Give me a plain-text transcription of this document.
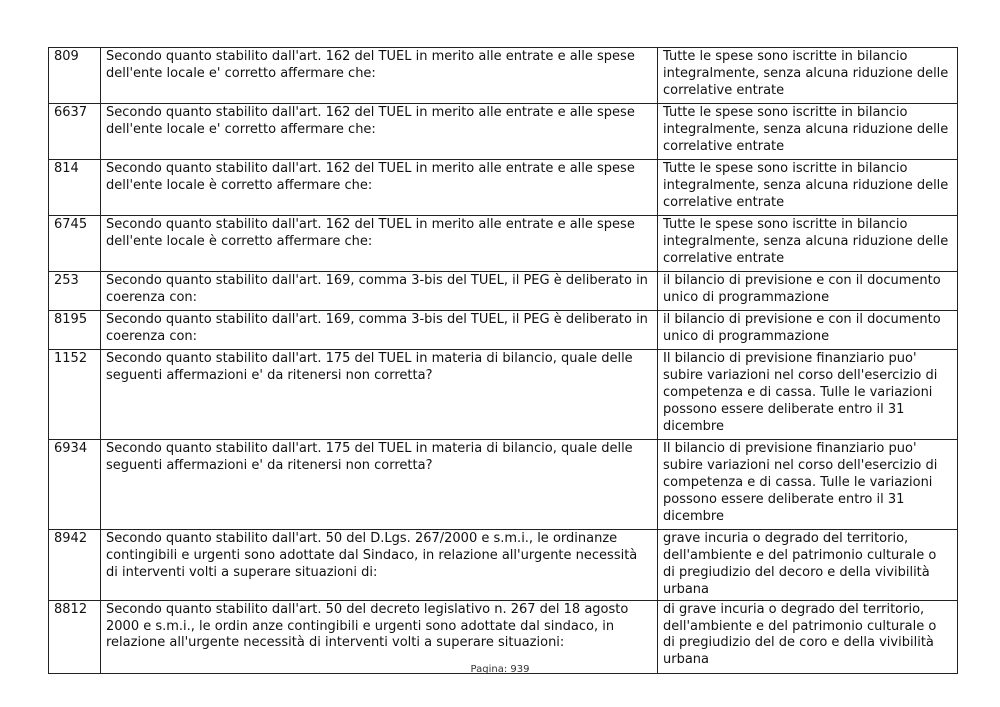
809	Secondo quanto stabilito dall'art. 162 del TUEL in merito alle entrate e alle spese dell'ente locale e' corretto affermare che:	Tutte le spese sono iscritte in bilancio integralmente, senza alcuna riduzione delle correlative entrate
6637	Secondo quanto stabilito dall'art. 162 del TUEL in merito alle entrate e alle spese dell'ente locale e' corretto affermare che:	Tutte le spese sono iscritte in bilancio integralmente, senza alcuna riduzione delle correlative entrate
814	Secondo quanto stabilito dall'art. 162 del TUEL in merito alle entrate e alle spese dell'ente locale è corretto affermare che:	Tutte le spese sono iscritte in bilancio integralmente, senza alcuna riduzione delle correlative entrate
6745	Secondo quanto stabilito dall'art. 162 del TUEL in merito alle entrate e alle spese dell'ente locale è corretto affermare che:	Tutte le spese sono iscritte in bilancio integralmente, senza alcuna riduzione delle correlative entrate
253	Secondo quanto stabilito dall'art. 169, comma 3-bis del TUEL, il PEG è deliberato in coerenza con:	il bilancio di previsione e con il documento unico di programmazione
8195	Secondo quanto stabilito dall'art. 169, comma 3-bis del TUEL, il PEG è deliberato in coerenza con:	il bilancio di previsione e con il documento unico di programmazione
1152	Secondo quanto stabilito dall'art. 175 del TUEL in materia di bilancio, quale delle seguenti affermazioni e' da ritenersi non corretta?	Il bilancio di previsione finanziario puo' subire variazioni nel corso dell'esercizio di competenza e di cassa. Tulle le variazioni possono essere deliberate entro il 31 dicembre
6934	Secondo quanto stabilito dall'art. 175 del TUEL in materia di bilancio, quale delle seguenti affermazioni e' da ritenersi non corretta?	Il bilancio di previsione finanziario puo' subire variazioni nel corso dell'esercizio di competenza e di cassa. Tulle le variazioni possono essere deliberate entro il 31 dicembre
8942	Secondo quanto stabilito dall'art. 50 del D.Lgs. 267/2000 e s.m.i., le ordinanze contingibili e urgenti sono adottate dal Sindaco, in relazione all'urgente necessità di interventi volti a superare situazioni di:	grave incuria o degrado del territorio, dell'ambiente e del patrimonio culturale o di pregiudizio del decoro e della vivibilità urbana
8812	Secondo quanto stabilito dall'art. 50 del decreto legislativo n. 267 del 18 agosto 2000 e s.m.i., le ordin anze contingibili e urgenti sono adottate dal sindaco, in relazione all'urgente necessità di interventi volti a superare situazioni:	di grave incuria o degrado del territorio, dell'ambiente e del patrimonio culturale o di pregiudizio del de coro e della vivibilità urbana
Pagina: 939
